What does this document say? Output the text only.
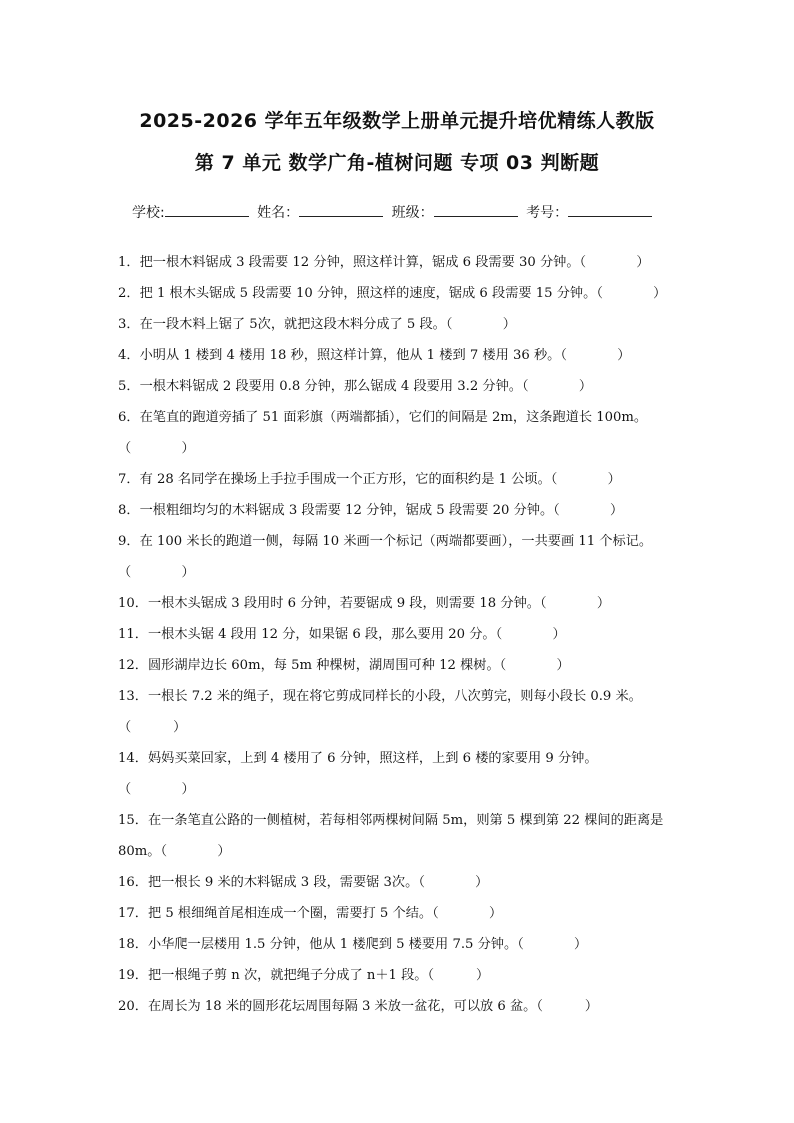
2025-2026 学年五年级数学上册单元提升培优精练人教版
第 7 单元 数学广角-植树问题 专项 03 判断题
学校:	姓名：	班级：	考号：
1．把一根木料锯成 3 段需要 12 分钟，照这样计算，锯成 6 段需要 30 分钟。（            ）
2．把 1 根木头锯成 5 段需要 10 分钟，照这样的速度，锯成 6 段需要 15 分钟。（            ）
3．在一段木料上锯了 5次，就把这段木料分成了 5 段。（            ）
4．小明从 1 楼到 4 楼用 18 秒，照这样计算，他从 1 楼到 7 楼用 36 秒。（            ）
5．一根木料锯成 2 段要用 0.8 分钟，那么锯成 4 段要用 3.2 分钟。（            ）
6．在笔直的跑道旁插了 51 面彩旗（两端都插），它们的间隔是 2m，这条跑道长 100m。
（            ）
7．有 28 名同学在操场上手拉手围成一个正方形，它的面积约是 1 公顷。（            ）
8．一根粗细均匀的木料锯成 3 段需要 12 分钟，锯成 5 段需要 20 分钟。（            ）
9．在 100 米长的跑道一侧，每隔 10 米画一个标记（两端都要画），一共要画 11 个标记。
（            ）
10．一根木头锯成 3 段用时 6 分钟，若要锯成 9 段，则需要 18 分钟。（            ）
11．一根木头锯 4 段用 12 分，如果锯 6 段，那么要用 20 分。（            ）
12．圆形湖岸边长 60m，每 5m 种棵树，湖周围可种 12 棵树。（            ）
13．一根长 7.2 米的绳子，现在将它剪成同样长的小段，八次剪完，则每小段长 0.9 米。
（          ）
14．妈妈买菜回家，上到 4 楼用了 6 分钟，照这样，上到 6 楼的家要用 9 分钟。
（            ）
15．在一条笔直公路的一侧植树，若每相邻两棵树间隔 5m，则第 5 棵到第 22 棵间的距离是
80m。（            ）
16．把一根长 9 米的木料锯成 3 段，需要锯 3次。（            ）
17．把 5 根细绳首尾相连成一个圈，需要打 5 个结。（            ）
18．小华爬一层楼用 1.5 分钟，他从 1 楼爬到 5 楼要用 7.5 分钟。（            ）
19．把一根绳子剪 n 次，就把绳子分成了 n＋1 段。（          ）
20．在周长为 18 米的圆形花坛周围每隔 3 米放一盆花，可以放 6 盆。（          ）
